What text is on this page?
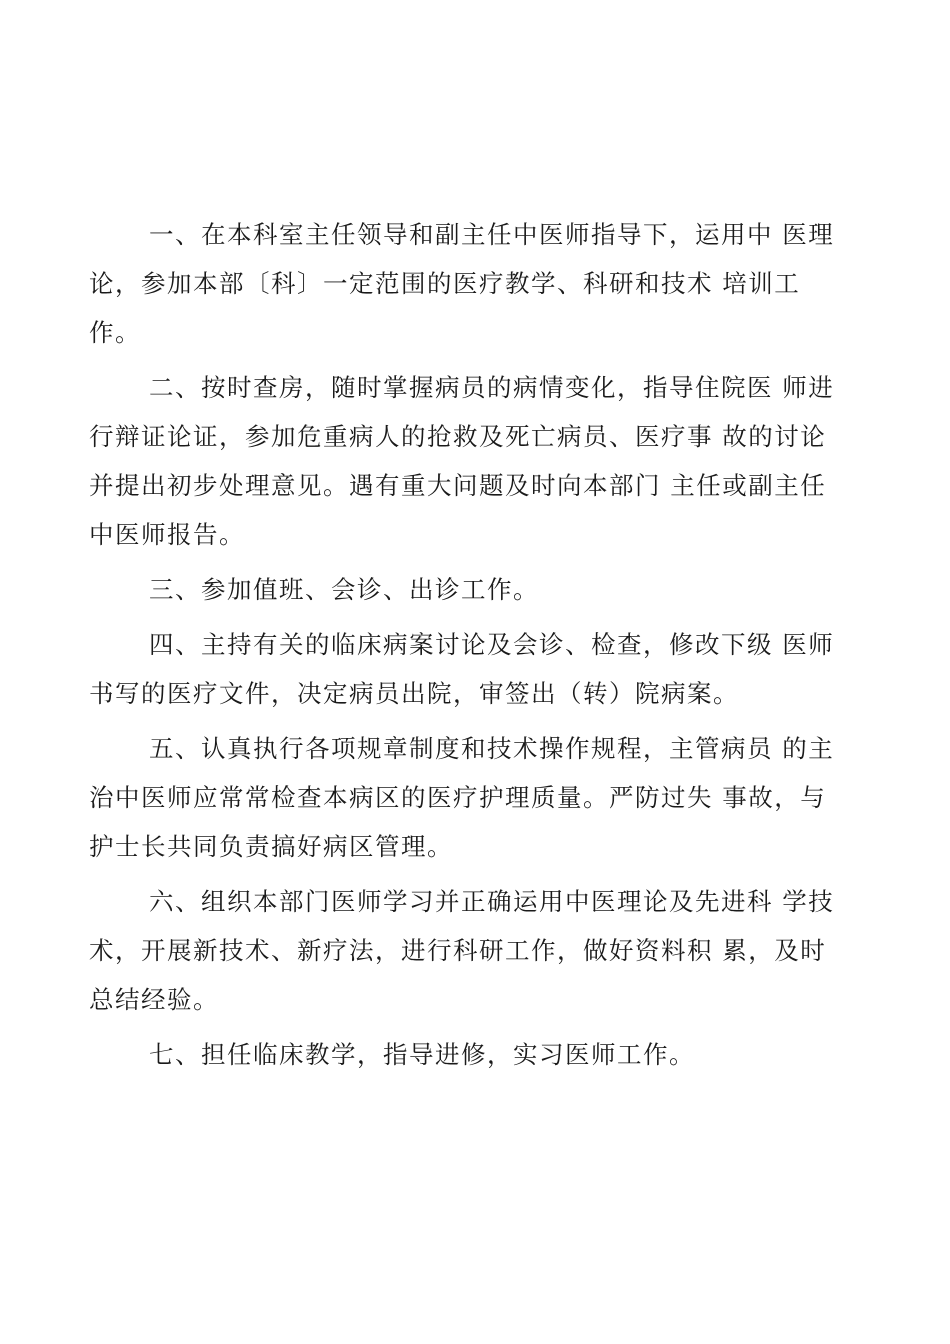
一、在本科室主任领导和副主任中医师指导下，运用中 医理
论，参加本部〔科〕一定范围的医疗教学、科研和技术 培训工
作。
二、按时查房，随时掌握病员的病情变化，指导住院医 师进
行辩证论证，参加危重病人的抢救及死亡病员、医疗事 故的讨论
并提出初步处理意见。遇有重大问题及时向本部门 主任或副主任
中医师报告。
三、参加值班、会诊、出诊工作。
四、主持有关的临床病案讨论及会诊、检查，修改下级 医师
书写的医疗文件，决定病员出院，审签出（转）院病案。
五、认真执行各项规章制度和技术操作规程，主管病员 的主
治中医师应常常检查本病区的医疗护理质量。严防过失 事故，与
护士长共同负责搞好病区管理。
六、组织本部门医师学习并正确运用中医理论及先进科 学技
术，开展新技术、新疗法，进行科研工作，做好资料积 累，及时
总结经验。
七、担任临床教学，指导进修，实习医师工作。
